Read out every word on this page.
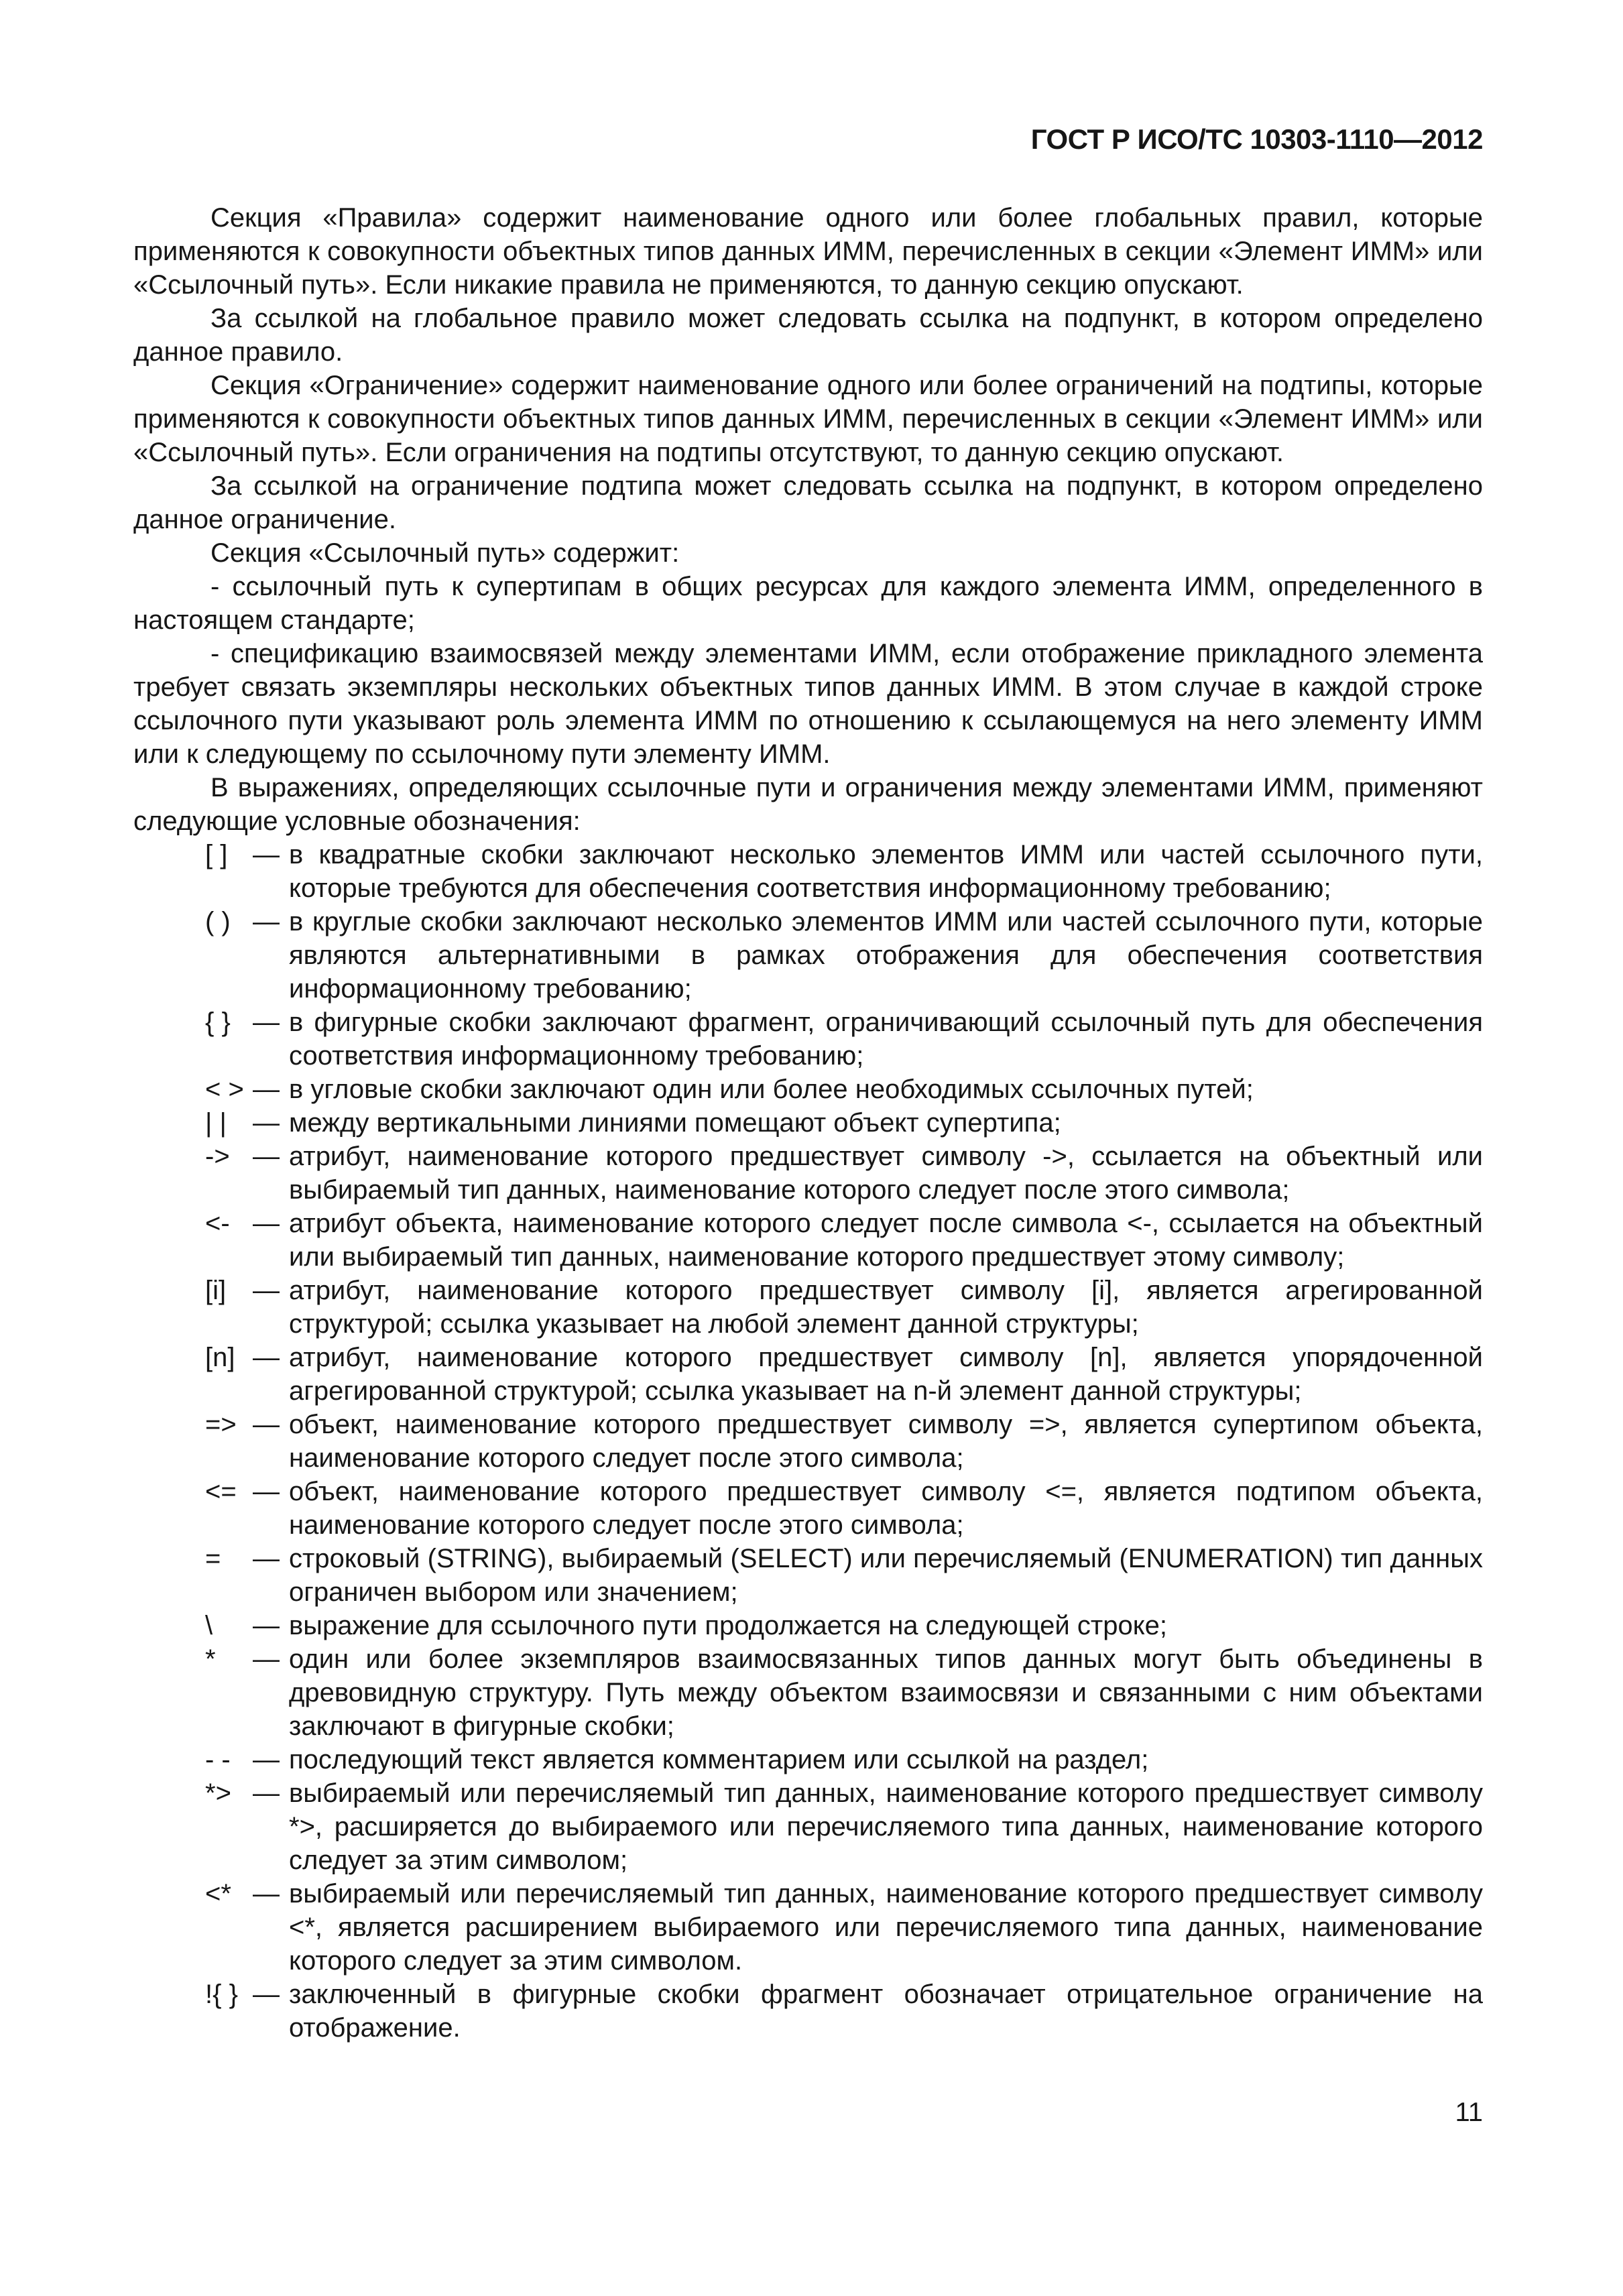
ГОСТ Р ИСО/ТС 10303-1110—2012

Секция «Правила» содержит наименование одного или более глобальных правил, которые применяются к совокупности объектных типов данных ИММ, перечисленных в секции «Элемент ИММ» или «Ссылочный путь». Если никакие правила не применяются, то данную секцию опускают.

За ссылкой на глобальное правило может следовать ссылка на подпункт, в котором определено данное правило.

Секция «Ограничение» содержит наименование одного или более ограничений на подтипы, которые применяются к совокупности объектных типов данных ИММ, перечисленных в секции «Элемент ИММ» или «Ссылочный путь». Если ограничения на подтипы отсутствуют, то данную секцию опускают.

За ссылкой на ограничение подтипа может следовать ссылка на подпункт, в котором определено данное ограничение.

Секция «Ссылочный путь» содержит:

- ссылочный путь к супертипам в общих ресурсах для каждого элемента ИММ, определенного в настоящем стандарте;

- спецификацию взаимосвязей между элементами ИММ, если отображение прикладного элемента требует связать экземпляры нескольких объектных типов данных ИММ. В этом случае в каждой строке ссылочного пути указывают роль элемента ИММ по отношению к ссылающемуся на него элементу ИММ или к следующему по ссылочному пути элементу ИММ.

В выражениях, определяющих ссылочные пути и ограничения между элементами ИММ, применяют следующие условные обозначения:

[ ] — в квадратные скобки заключают несколько элементов ИММ или частей ссылочного пути, которые требуются для обеспечения соответствия информационному требованию;
( ) — в круглые скобки заключают несколько элементов ИММ или частей ссылочного пути, которые являются альтернативными в рамках отображения для обеспечения соответствия информационному требованию;
{ } — в фигурные скобки заключают фрагмент, ограничивающий ссылочный путь для обеспечения соответствия информационному требованию;
< > — в угловые скобки заключают один или более необходимых ссылочных путей;
| | — между вертикальными линиями помещают объект супертипа;
-> — атрибут, наименование которого предшествует символу ->, ссылается на объектный или выбираемый тип данных, наименование которого следует после этого символа;
<- — атрибут объекта, наименование которого следует после символа <-, ссылается на объектный или выбираемый тип данных, наименование которого предшествует этому символу;
[i] — атрибут, наименование которого предшествует символу [i], является агрегированной структурой; ссылка указывает на любой элемент данной структуры;
[n] — атрибут, наименование которого предшествует символу [n], является упорядоченной агрегированной структурой; ссылка указывает на n-й элемент данной структуры;
=> — объект, наименование которого предшествует символу =>, является супертипом объекта, наименование которого следует после этого символа;
<= — объект, наименование которого предшествует символу <=, является подтипом объекта, наименование которого следует после этого символа;
=	— строковый (STRING), выбираемый (SELECT) или перечисляемый (ENUMERATION) тип данных ограничен выбором или значением;
\	— выражение для ссылочного пути продолжается на следующей строке;
*	— один или более экземпляров взаимосвязанных типов данных могут быть объединены в древовидную структуру. Путь между объектом взаимосвязи и связанными с ним объектами заключают в фигурные скобки;
- - — последующий текст является комментарием или ссылкой на раздел;
*> — выбираемый или перечисляемый тип данных, наименование которого предшествует символу *>, расширяется до выбираемого или перечисляемого типа данных, наименование которого следует за этим символом;
<* — выбираемый или перечисляемый тип данных, наименование которого предшествует символу <*, является расширением выбираемого или перечисляемого типа данных, наименование которого следует за этим символом.
!{ } — заключенный в фигурные скобки фрагмент обозначает отрицательное ограничение на отображение.
11
